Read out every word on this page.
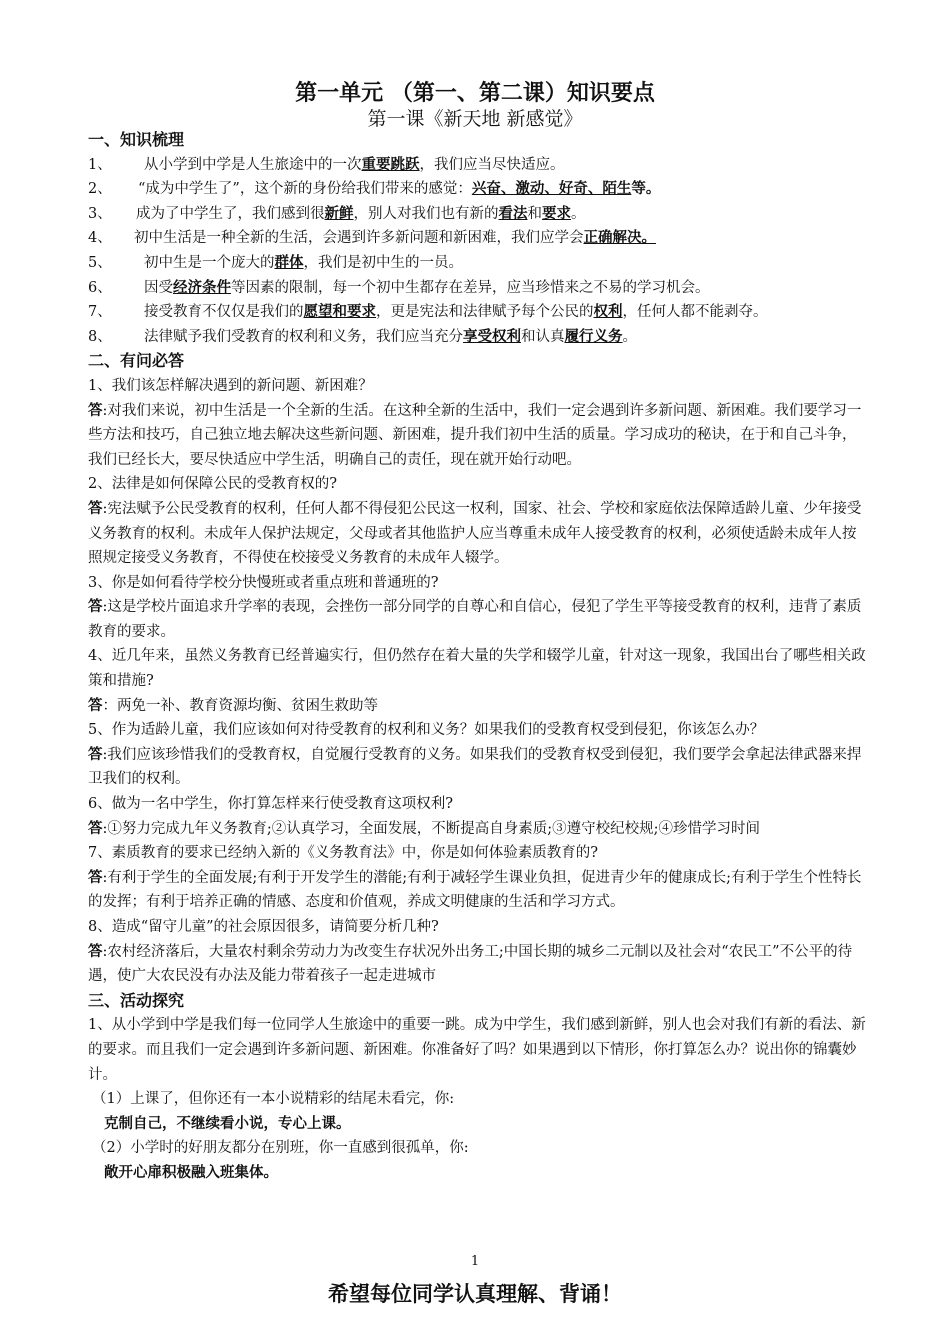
第一单元 （第一、第二课）知识要点
第一课《新天地 新感觉》

一、知识梳理

1、	从小学到中学是人生旅途中的一次重要跳跃，我们应当尽快适应。

2、	“成为中学生了”，这个新的身份给我们带来的感觉：兴奋、激动、好奇、陌生等。

3、	成为了中学生了，我们感到很新鲜，别人对我们也有新的看法和要求。

4、	初中生活是一种全新的生活，会遇到许多新问题和新困难，我们应学会正确解决。

5、	初中生是一个庞大的群体，我们是初中生的一员。

6、	因受经济条件等因素的限制，每一个初中生都存在差异，应当珍惜来之不易的学习机会。

7、	接受教育不仅仅是我们的愿望和要求，更是宪法和法律赋予每个公民的权利，任何人都不能剥夺。

8、	法律赋予我们受教育的权利和义务，我们应当充分享受权利和认真履行义务。

二、有问必答

1、我们该怎样解决遇到的新问题、新困难？

答:对我们来说，初中生活是一个全新的生活。在这种全新的生活中，我们一定会遇到许多新问题、新困难。我们要学习一些方法和技巧，自己独立地去解决这些新问题、新困难，提升我们初中生活的质量。学习成功的秘诀，在于和自己斗争，我们已经长大，要尽快适应中学生活，明确自己的责任，现在就开始行动吧。

2、法律是如何保障公民的受教育权的?

答:宪法赋予公民受教育的权利，任何人都不得侵犯公民这一权利，国家、社会、学校和家庭依法保障适龄儿童、少年接受义务教育的权利。未成年人保护法规定，父母或者其他监护人应当尊重未成年人接受教育的权利，必须使适龄未成年人按照规定接受义务教育，不得使在校接受义务教育的未成年人辍学。

3、你是如何看待学校分快慢班或者重点班和普通班的?

答:这是学校片面追求升学率的表现，会挫伤一部分同学的自尊心和自信心，侵犯了学生平等接受教育的权利，违背了素质教育的要求。

4、近几年来，虽然义务教育已经普遍实行，但仍然存在着大量的失学和辍学儿童，针对这一现象，我国出台了哪些相关政策和措施?

答：两免一补、教育资源均衡、贫困生救助等

5、作为适龄儿童，我们应该如何对待受教育的权利和义务？如果我们的受教育权受到侵犯，你该怎么办？

答:我们应该珍惜我们的受教育权，自觉履行受教育的义务。如果我们的受教育权受到侵犯，我们要学会拿起法律武器来捍卫我们的权利。

6、做为一名中学生，你打算怎样来行使受教育这项权利?

答:①努力完成九年义务教育;②认真学习，全面发展，不断提高自身素质;③遵守校纪校规;④珍惜学习时间

7、素质教育的要求已经纳入新的《义务教育法》中，你是如何体验素质教育的?

答:有利于学生的全面发展;有利于开发学生的潜能;有利于减轻学生课业负担，促进青少年的健康成长;有利于学生个性特长的发挥；有利于培养正确的情感、态度和价值观，养成文明健康的生活和学习方式。

8、造成“留守儿童”的社会原因很多，请简要分析几种?

答:农村经济落后，大量农村剩余劳动力为改变生存状况外出务工;中国长期的城乡二元制以及社会对“农民工”不公平的待遇，使广大农民没有办法及能力带着孩子一起走进城市

三、活动探究

1、从小学到中学是我们每一位同学人生旅途中的重要一跳。成为中学生，我们感到新鲜，别人也会对我们有新的看法、新的要求。而且我们一定会遇到许多新问题、新困难。你准备好了吗？如果遇到以下情形，你打算怎么办？说出你的锦囊妙计。

（1）上课了，但你还有一本小说精彩的结尾未看完，你:

克制自己，不继续看小说，专心上课。

（2）小学时的好朋友都分在别班，你一直感到很孤单，你:

敞开心扉积极融入班集体。

1
希望每位同学认真理解、背诵！
